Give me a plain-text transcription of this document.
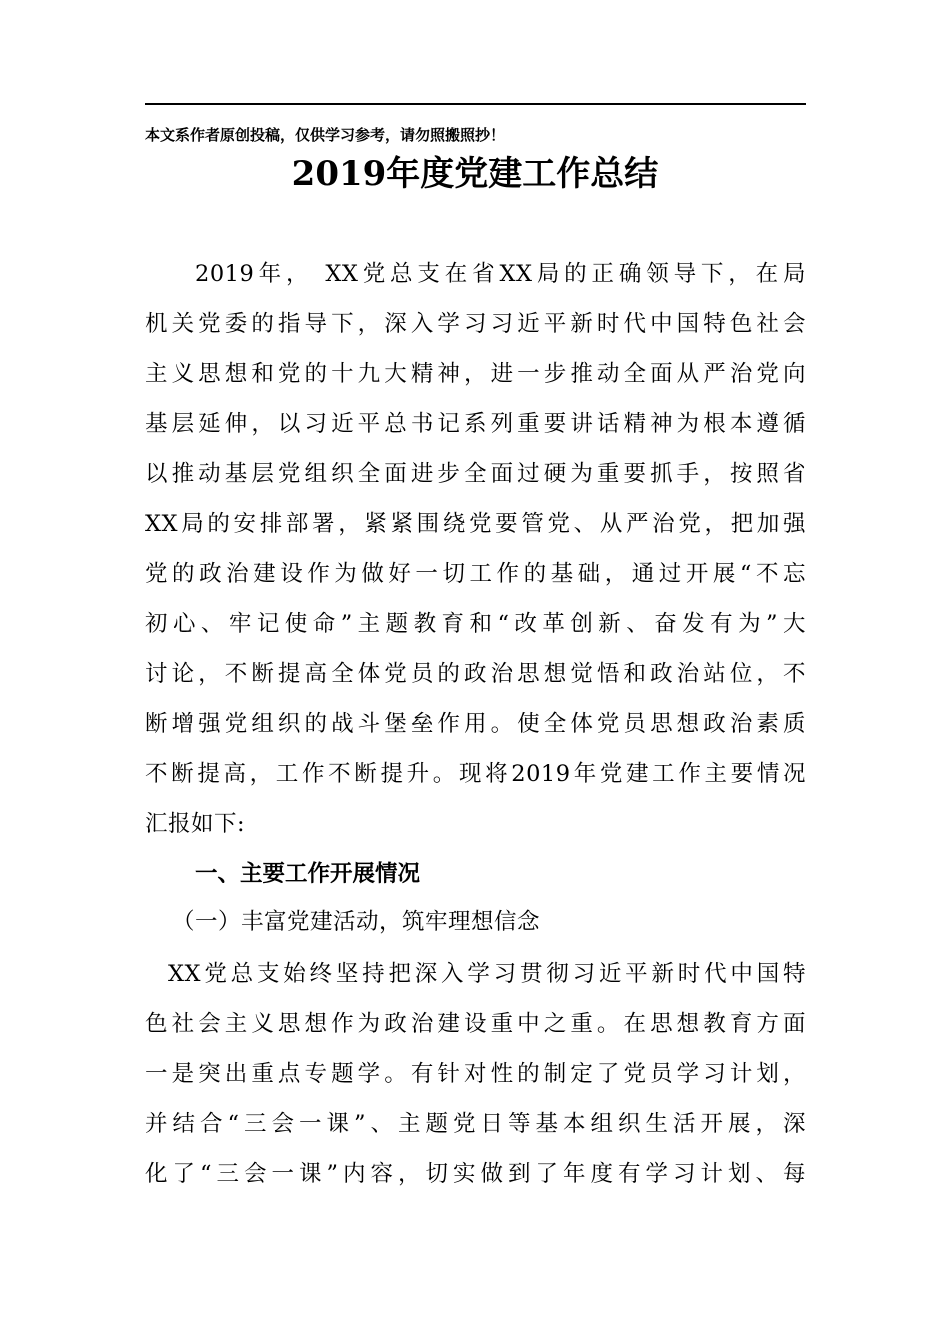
本文系作者原创投稿，仅供学习参考，请勿照搬照抄！
2019年度党建工作总结
2019年， XX党总支在省XX局的正确领导下，在局
机关党委的指导下，深入学习习近平新时代中国特色社会
主义思想和党的十九大精神，进一步推动全面从严治党向
基层延伸，以习近平总书记系列重要讲话精神为根本遵循
以推动基层党组织全面进步全面过硬为重要抓手，按照省
XX局的安排部署，紧紧围绕党要管党、从严治党，把加强
党的政治建设作为做好一切工作的基础，通过开展“不忘
初心、牢记使命”主题教育和“改革创新、奋发有为”大
讨论，不断提高全体党员的政治思想觉悟和政治站位，不
断增强党组织的战斗堡垒作用。使全体党员思想政治素质
不断提高，工作不断提升。现将2019年党建工作主要情况
汇报如下:
一、主要工作开展情况
（一）丰富党建活动，筑牢理想信念
XX党总支始终坚持把深入学习贯彻习近平新时代中国特
色社会主义思想作为政治建设重中之重。在思想教育方面
一是突出重点专题学。有针对性的制定了党员学习计划，
并结合“三会一课”、主题党日等基本组织生活开展，深
化了“三会一课”内容，切实做到了年度有学习计划、每
